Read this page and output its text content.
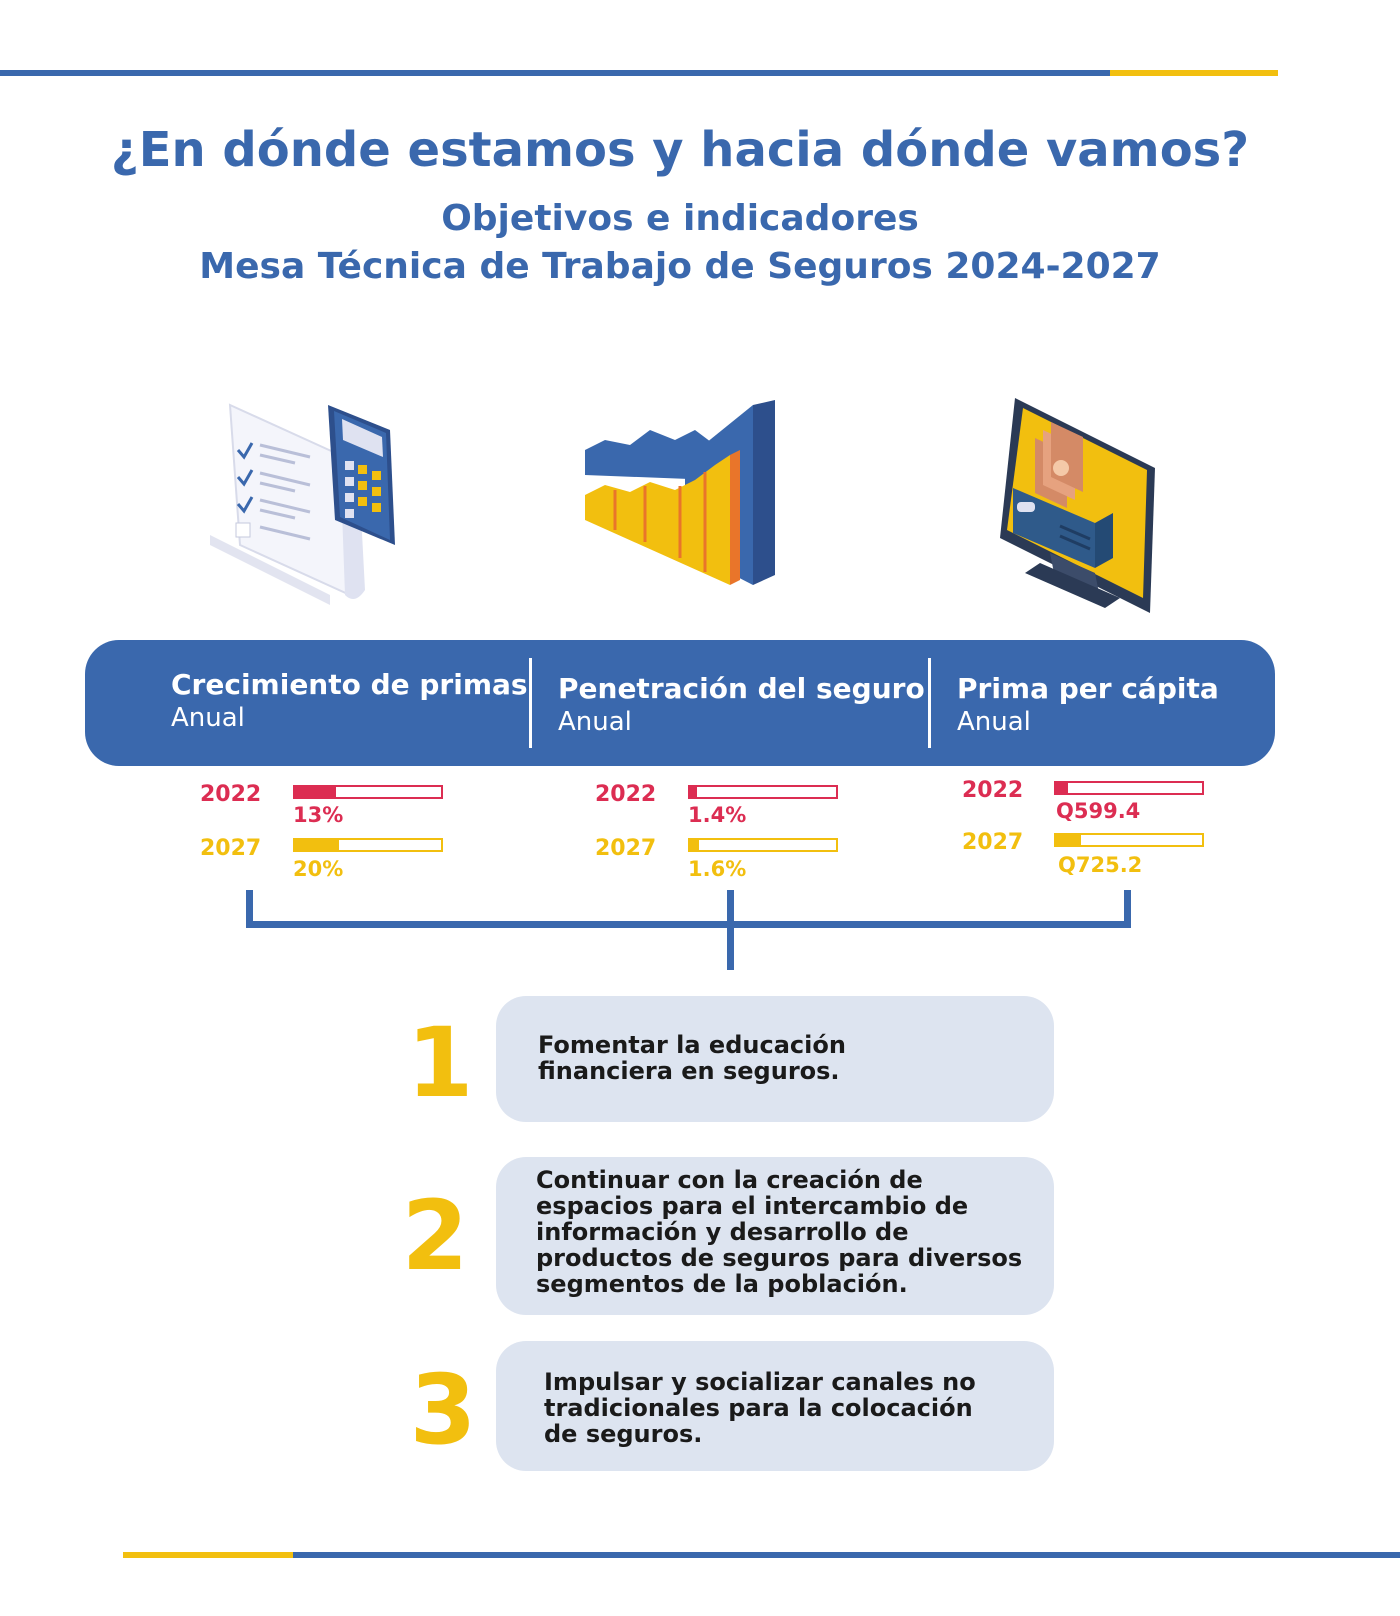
¿En dónde estamos y hacia dónde vamos?
Objetivos e indicadores
Mesa Técnica de Trabajo de Seguros 2024-2027
Crecimiento de primas
Anual
Penetración del seguro
Anual
Prima per cápita
Anual
2022
13%
2027
20%
2022
1.4%
2027
1.6%
2022
Q599.4
2027
Q725.2
1	Fomentar la educación financiera en seguros.
2	Continuar con la creación de espacios para el intercambio de información y desarrollo de productos de seguros para diversos segmentos de la población.
3	Impulsar y socializar canales no tradicionales para la colocación de seguros.
